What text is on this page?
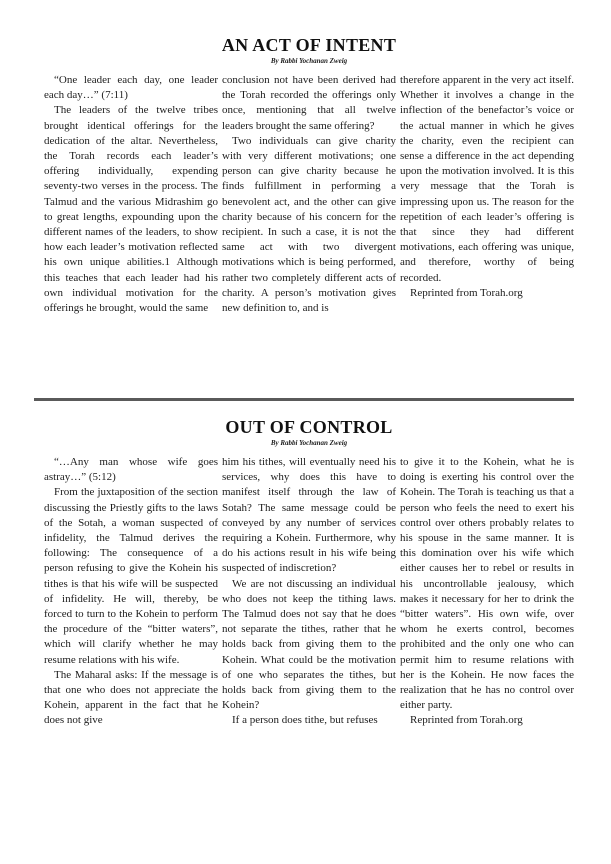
AN ACT OF INTENT
By Rabbi Yochanan Zweig

“One leader each day, one leader each day…” (7:11)

The leaders of the twelve tribes brought identical offerings for the dedication of the altar. Nevertheless, the Torah records each leader’s offering individually, expending seventy-two verses in the process. The Talmud and the various Midrashim go to great lengths, expounding upon the different names of the leaders, to show how each leader’s motivation reflected his own unique abilities.1 Although this teaches that each leader had his own individual motivation for the offerings he brought, would the same

conclusion not have been derived had the Torah recorded the offerings only once, mentioning that all twelve leaders brought the same offering?

Two individuals can give charity with very different motivations; one person can give charity because he finds fulfillment in performing a benevolent act, and the other can give charity because of his concern for the recipient. In such a case, it is not the same act with two divergent motivations which is being performed, rather two completely different acts of charity. A person’s motivation gives new definition to, and is

therefore apparent in the very act itself. Whether it involves a change in the inflection of the benefactor’s voice or the actual manner in which he gives the charity, even the recipient can sense a difference in the act depending upon the motivation involved. It is this very message that the Torah is impressing upon us. The reason for the repetition of each leader’s offering is that since they had different motivations, each offering was unique, and therefore, worthy of being recorded.

Reprinted from Torah.org

OUT OF CONTROL
By Rabbi Yochanan Zweig

“…Any man whose wife goes astray…” (5:12)

From the juxtaposition of the section discussing the Priestly gifts to the laws of the Sotah, a woman suspected of infidelity, the Talmud derives the following: The consequence of a person refusing to give the Kohein his tithes is that his wife will be suspected of infidelity. He will, thereby, be forced to turn to the Kohein to perform the procedure of the “bitter waters”, which will clarify whether he may resume relations with his wife.

The Maharal asks: If the message is that one who does not appreciate the Kohein, apparent in the fact that he does not give

him his tithes, will eventually need his services, why does this have to manifest itself through the law of Sotah? The same message could be conveyed by any number of services requiring a Kohein. Furthermore, why do his actions result in his wife being suspected of indiscretion?

We are not discussing an individual who does not keep the tithing laws. The Talmud does not say that he does not separate the tithes, rather that he holds back from giving them to the Kohein. What could be the motivation of one who separates the tithes, but holds back from giving them to the Kohein?

If a person does tithe, but refuses

to give it to the Kohein, what he is doing is exerting his control over the Kohein. The Torah is teaching us that a person who feels the need to exert his control over others probably relates to his spouse in the same manner. It is this domination over his wife which either causes her to rebel or results in his uncontrollable jealousy, which makes it necessary for her to drink the “bitter waters”. His own wife, over whom he exerts control, becomes prohibited and the only one who can permit him to resume relations with her is the Kohein. He now faces the realization that he has no control over either party.

Reprinted from Torah.org
